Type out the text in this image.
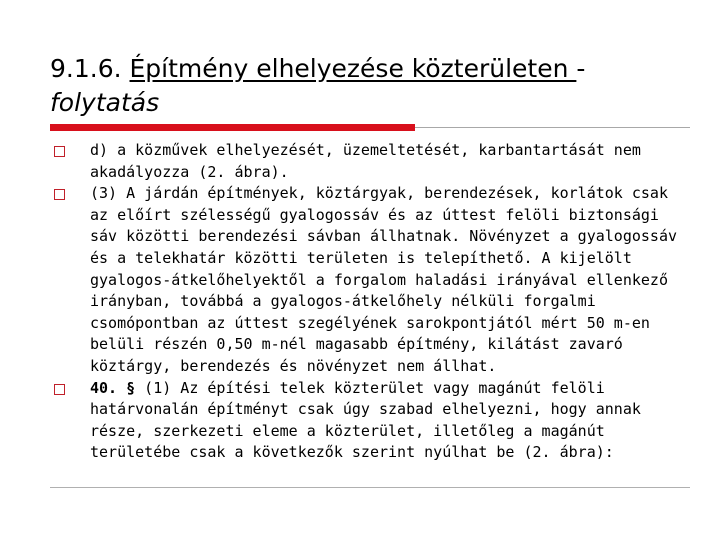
9.1.6. Építmény elhelyezése közterületen -
folytatás
d) a közművek elhelyezését, üzemeltetését, karbantartását nem akadályozza (2. ábra).
(3) A járdán építmények, köztárgyak, berendezések, korlátok csak az előírt szélességű gyalogossáv és az úttest felöli biztonsági sáv közötti berendezési sávban állhatnak. Növényzet a gyalogossáv és a telekhatár közötti területen is telepíthető. A kijelölt gyalogos-átkelőhelyektől a forgalom haladási irányával ellenkező irányban, továbbá a gyalogos-átkelőhely nélküli forgalmi csomópontban az úttest szegélyének sarokpontjától mért 50 m-en belüli részén 0,50 m-nél magasabb építmény, kilátást zavaró köztárgy, berendezés és növényzet nem állhat.
40. § (1) Az építési telek közterület vagy magánút felöli határvonalán építményt csak úgy szabad elhelyezni, hogy annak része, szerkezeti eleme a közterület, illetőleg a magánút területébe csak a következők szerint nyúlhat be (2. ábra):
